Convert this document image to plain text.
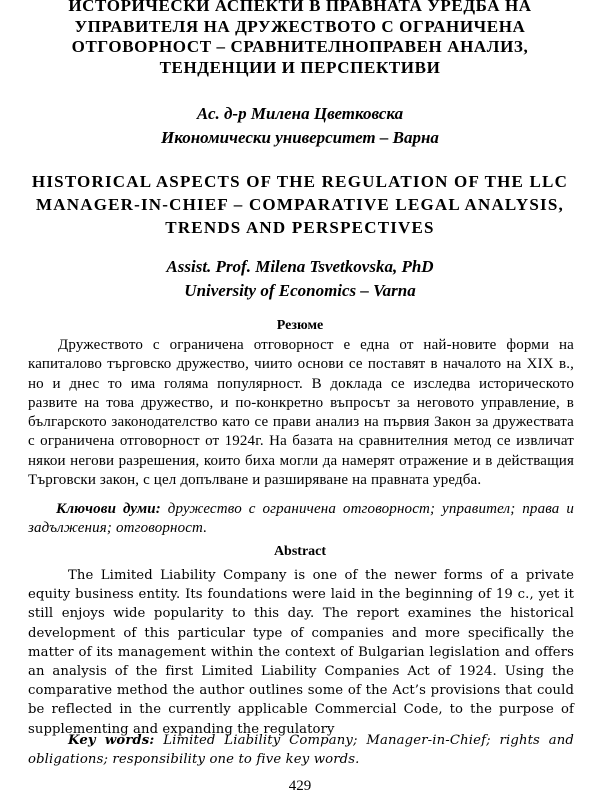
ИСТОРИЧЕСКИ АСПЕКТИ В ПРАВНАТА УРЕДБА НА УПРАВИТЕЛЯ НА ДРУЖЕСТВОТО С ОГРАНИЧЕНА ОТГОВОРНОСТ – СРАВНИТЕЛНОПРАВЕН АНАЛИЗ, ТЕНДЕНЦИИ И ПЕРСПЕКТИВИ
Ас. д-р Милена Цветковска
Икономически университет – Варна
HISTORICAL ASPECTS OF THE REGULATION OF THE LLC MANAGER-IN-CHIEF – COMPARATIVE LEGAL ANALYSIS, TRENDS AND PERSPECTIVES
Assist. Prof. Milena Tsvetkovska, PhD
University of Economics – Varna
Резюме
Дружеството с ограничена отговорност е една от най-новите форми на капиталово търговско дружество, чиито основи се поставят в началото на XIX в., но и днес то има голяма популярност. В доклада се изследва историческото развите на това дружество, и по-конкретно въпросът за неговото управление, в българското законодателство като се прави анализ на първия Закон за дружествата с ограничена отговорност от 1924г. На базата на сравнителния метод се извличат някои негови разрешения, които биха могли да намерят отражение и в действащия Търговски закон, с цел допълване и разширяване на правната уредба.
Ключови думи: дружество с ограничена отговорност; управител; права и задължения; отговорност.
Abstract
The Limited Liability Company is one of the newer forms of a private equity business entity. Its foundations were laid in the beginning of 19 c., yet it still enjoys wide popularity to this day. The report examines the historical development of this particular type of companies and more specifically the matter of its management within the context of Bulgarian legislation and offers an analysis of the first Limited Liability Companies Act of 1924. Using the comparative method the author outlines some of the Act’s provisions that could be reflected in the currently applicable Commercial Code, to the purpose of supplementing and expanding the regulatory
Key words: Limited Liability Company; Manager-in-Chief; rights and obligations; responsibility one to five key words.
429
